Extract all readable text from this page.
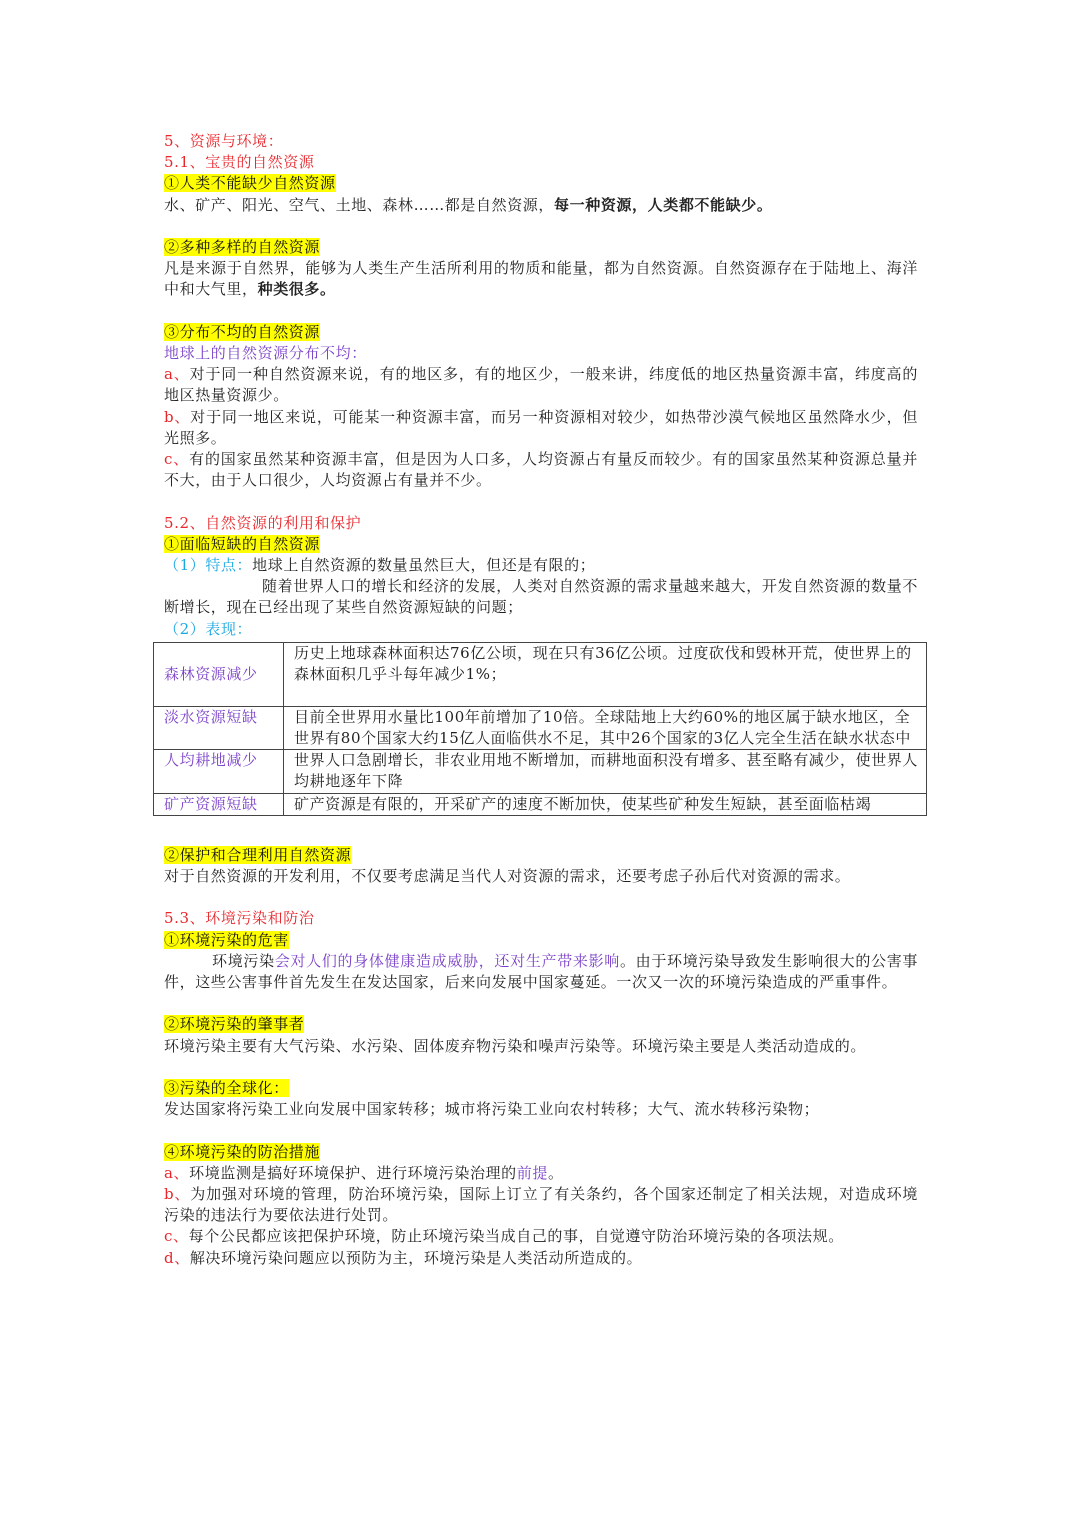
5、资源与环境：
5.1、宝贵的自然资源
①人类不能缺少自然资源
水、矿产、阳光、空气、土地、森林……都是自然资源，每一种资源，人类都不能缺少。
②多种多样的自然资源
凡是来源于自然界，能够为人类生产生活所利用的物质和能量，都为自然资源。自然资源存在于陆地上、海洋中和大气里，种类很多。
③分布不均的自然资源
地球上的自然资源分布不均：
a、对于同一种自然资源来说，有的地区多，有的地区少，一般来讲，纬度低的地区热量资源丰富，纬度高的地区热量资源少。
b、对于同一地区来说，可能某一种资源丰富，而另一种资源相对较少，如热带沙漠气候地区虽然降水少，但光照多。
c、有的国家虽然某种资源丰富，但是因为人口多，人均资源占有量反而较少。有的国家虽然某种资源总量并不大，由于人口很少，人均资源占有量并不少。
5.2、自然资源的利用和保护
①面临短缺的自然资源
（1）特点：地球上自然资源的数量虽然巨大，但还是有限的；
随着世界人口的增长和经济的发展，人类对自然资源的需求量越来越大，开发自然资源的数量不断增长，现在已经出现了某些自然资源短缺的问题；
（2）表现：
森林资源减少	历史上地球森林面积达76亿公顷，现在只有36亿公顷。过度砍伐和毁林开荒，使世界上的森林面积几乎斗每年减少1%；
淡水资源短缺	目前全世界用水量比100年前增加了10倍。全球陆地上大约60%的地区属于缺水地区，全世界有80个国家大约15亿人面临供水不足，其中26个国家的3亿人完全生活在缺水状态中
人均耕地减少	世界人口急剧增长，非农业用地不断增加，而耕地面积没有增多、甚至略有减少，使世界人均耕地逐年下降
矿产资源短缺	矿产资源是有限的，开采矿产的速度不断加快，使某些矿种发生短缺，甚至面临枯竭
②保护和合理利用自然资源
对于自然资源的开发利用，不仅要考虑满足当代人对资源的需求，还要考虑子孙后代对资源的需求。
5.3、环境污染和防治
①环境污染的危害
环境污染会对人们的身体健康造成威胁，还对生产带来影响。由于环境污染导致发生影响很大的公害事件，这些公害事件首先发生在发达国家，后来向发展中国家蔓延。一次又一次的环境污染造成的严重事件。
②环境污染的肇事者
环境污染主要有大气污染、水污染、固体废弃物污染和噪声污染等。环境污染主要是人类活动造成的。
③污染的全球化：
发达国家将污染工业向发展中国家转移；城市将污染工业向农村转移；大气、流水转移污染物；
④环境污染的防治措施
a、环境监测是搞好环境保护、进行环境污染治理的前提。
b、为加强对环境的管理，防治环境污染，国际上订立了有关条约，各个国家还制定了相关法规，对造成环境污染的违法行为要依法进行处罚。
c、每个公民都应该把保护环境，防止环境污染当成自己的事，自觉遵守防治环境污染的各项法规。
d、解决环境污染问题应以预防为主，环境污染是人类活动所造成的。
